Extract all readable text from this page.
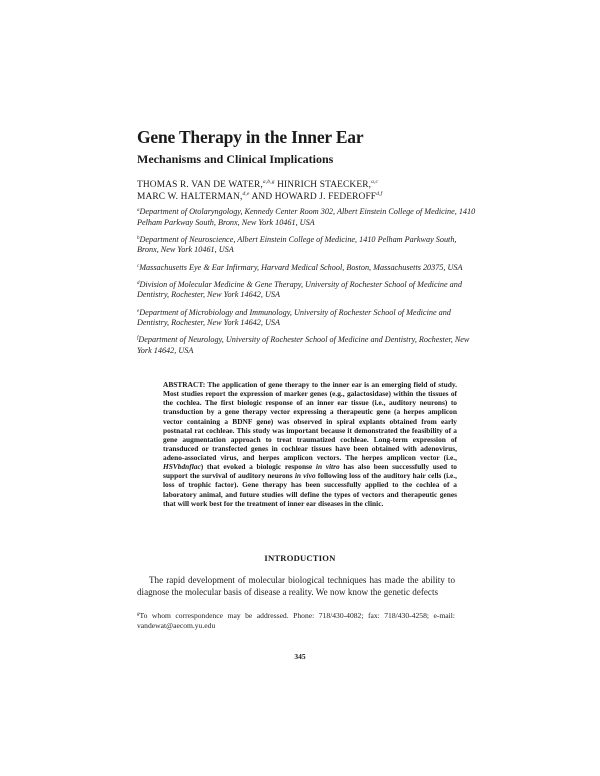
Gene Therapy in the Inner Ear
Mechanisms and Clinical Implications
THOMAS R. VAN DE WATER,$^{a,b,g}$ HINRICH STAECKER,$^{a,c}$
MARC W. HALTERMAN,$^{d,e}$ AND HOWARD J. FEDEROFF$^{d,f}$
$^a$Department of Otolaryngology, Kennedy Center Room 302, Albert Einstein College of Medicine, 1410 Pelham Parkway South, Bronx, New York 10461, USA
$^b$Department of Neuroscience, Albert Einstein College of Medicine, 1410 Pelham Parkway South, Bronx, New York 10461, USA
$^c$Massachusetts Eye & Ear Infirmary, Harvard Medical School, Boston, Massachusetts 20375, USA
$^d$Division of Molecular Medicine & Gene Therapy, University of Rochester School of Medicine and Dentistry, Rochester, New York 14642, USA
$^e$Department of Microbiology and Immunology, University of Rochester School of Medicine and Dentistry, Rochester, New York 14642, USA
$^f$Department of Neurology, University of Rochester School of Medicine and Dentistry, Rochester, New York 14642, USA
ABSTRACT: The application of gene therapy to the inner ear is an emerging field of study. Most studies report the expression of marker genes (e.g., galactosidase) within the tissues of the cochlea. The first biologic response of an inner ear tissue (i.e., auditory neurons) to transduction by a gene therapy vector expressing a therapeutic gene (a herpes amplicon vector containing a BDNF gene) was observed in spiral explants obtained from early postnatal rat cochleae. This study was important because it demonstrated the feasibility of a gene augmentation approach to treat traumatized cochleae. Long-term expression of transduced or transfected genes in cochlear tissues have been obtained with adenovirus, adeno-associated virus, and herpes amplicon vectors. The herpes amplicon vector (i.e., HSVbdnflac) that evoked a biologic response in vitro has also been successfully used to support the survival of auditory neurons in vivo following loss of the auditory hair cells (i.e., loss of trophic factor). Gene therapy has been successfully applied to the cochlea of a laboratory animal, and future studies will define the types of vectors and therapeutic genes that will work best for the treatment of inner ear diseases in the clinic.
INTRODUCTION

The rapid development of molecular biological techniques has made the ability to diagnose the molecular basis of disease a reality. We now know the genetic defects

$^g$To whom correspondence may be addressed. Phone: 718/430-4082; fax: 718/430-4258; e-mail: vandewat@aecom.yu.edu
345
